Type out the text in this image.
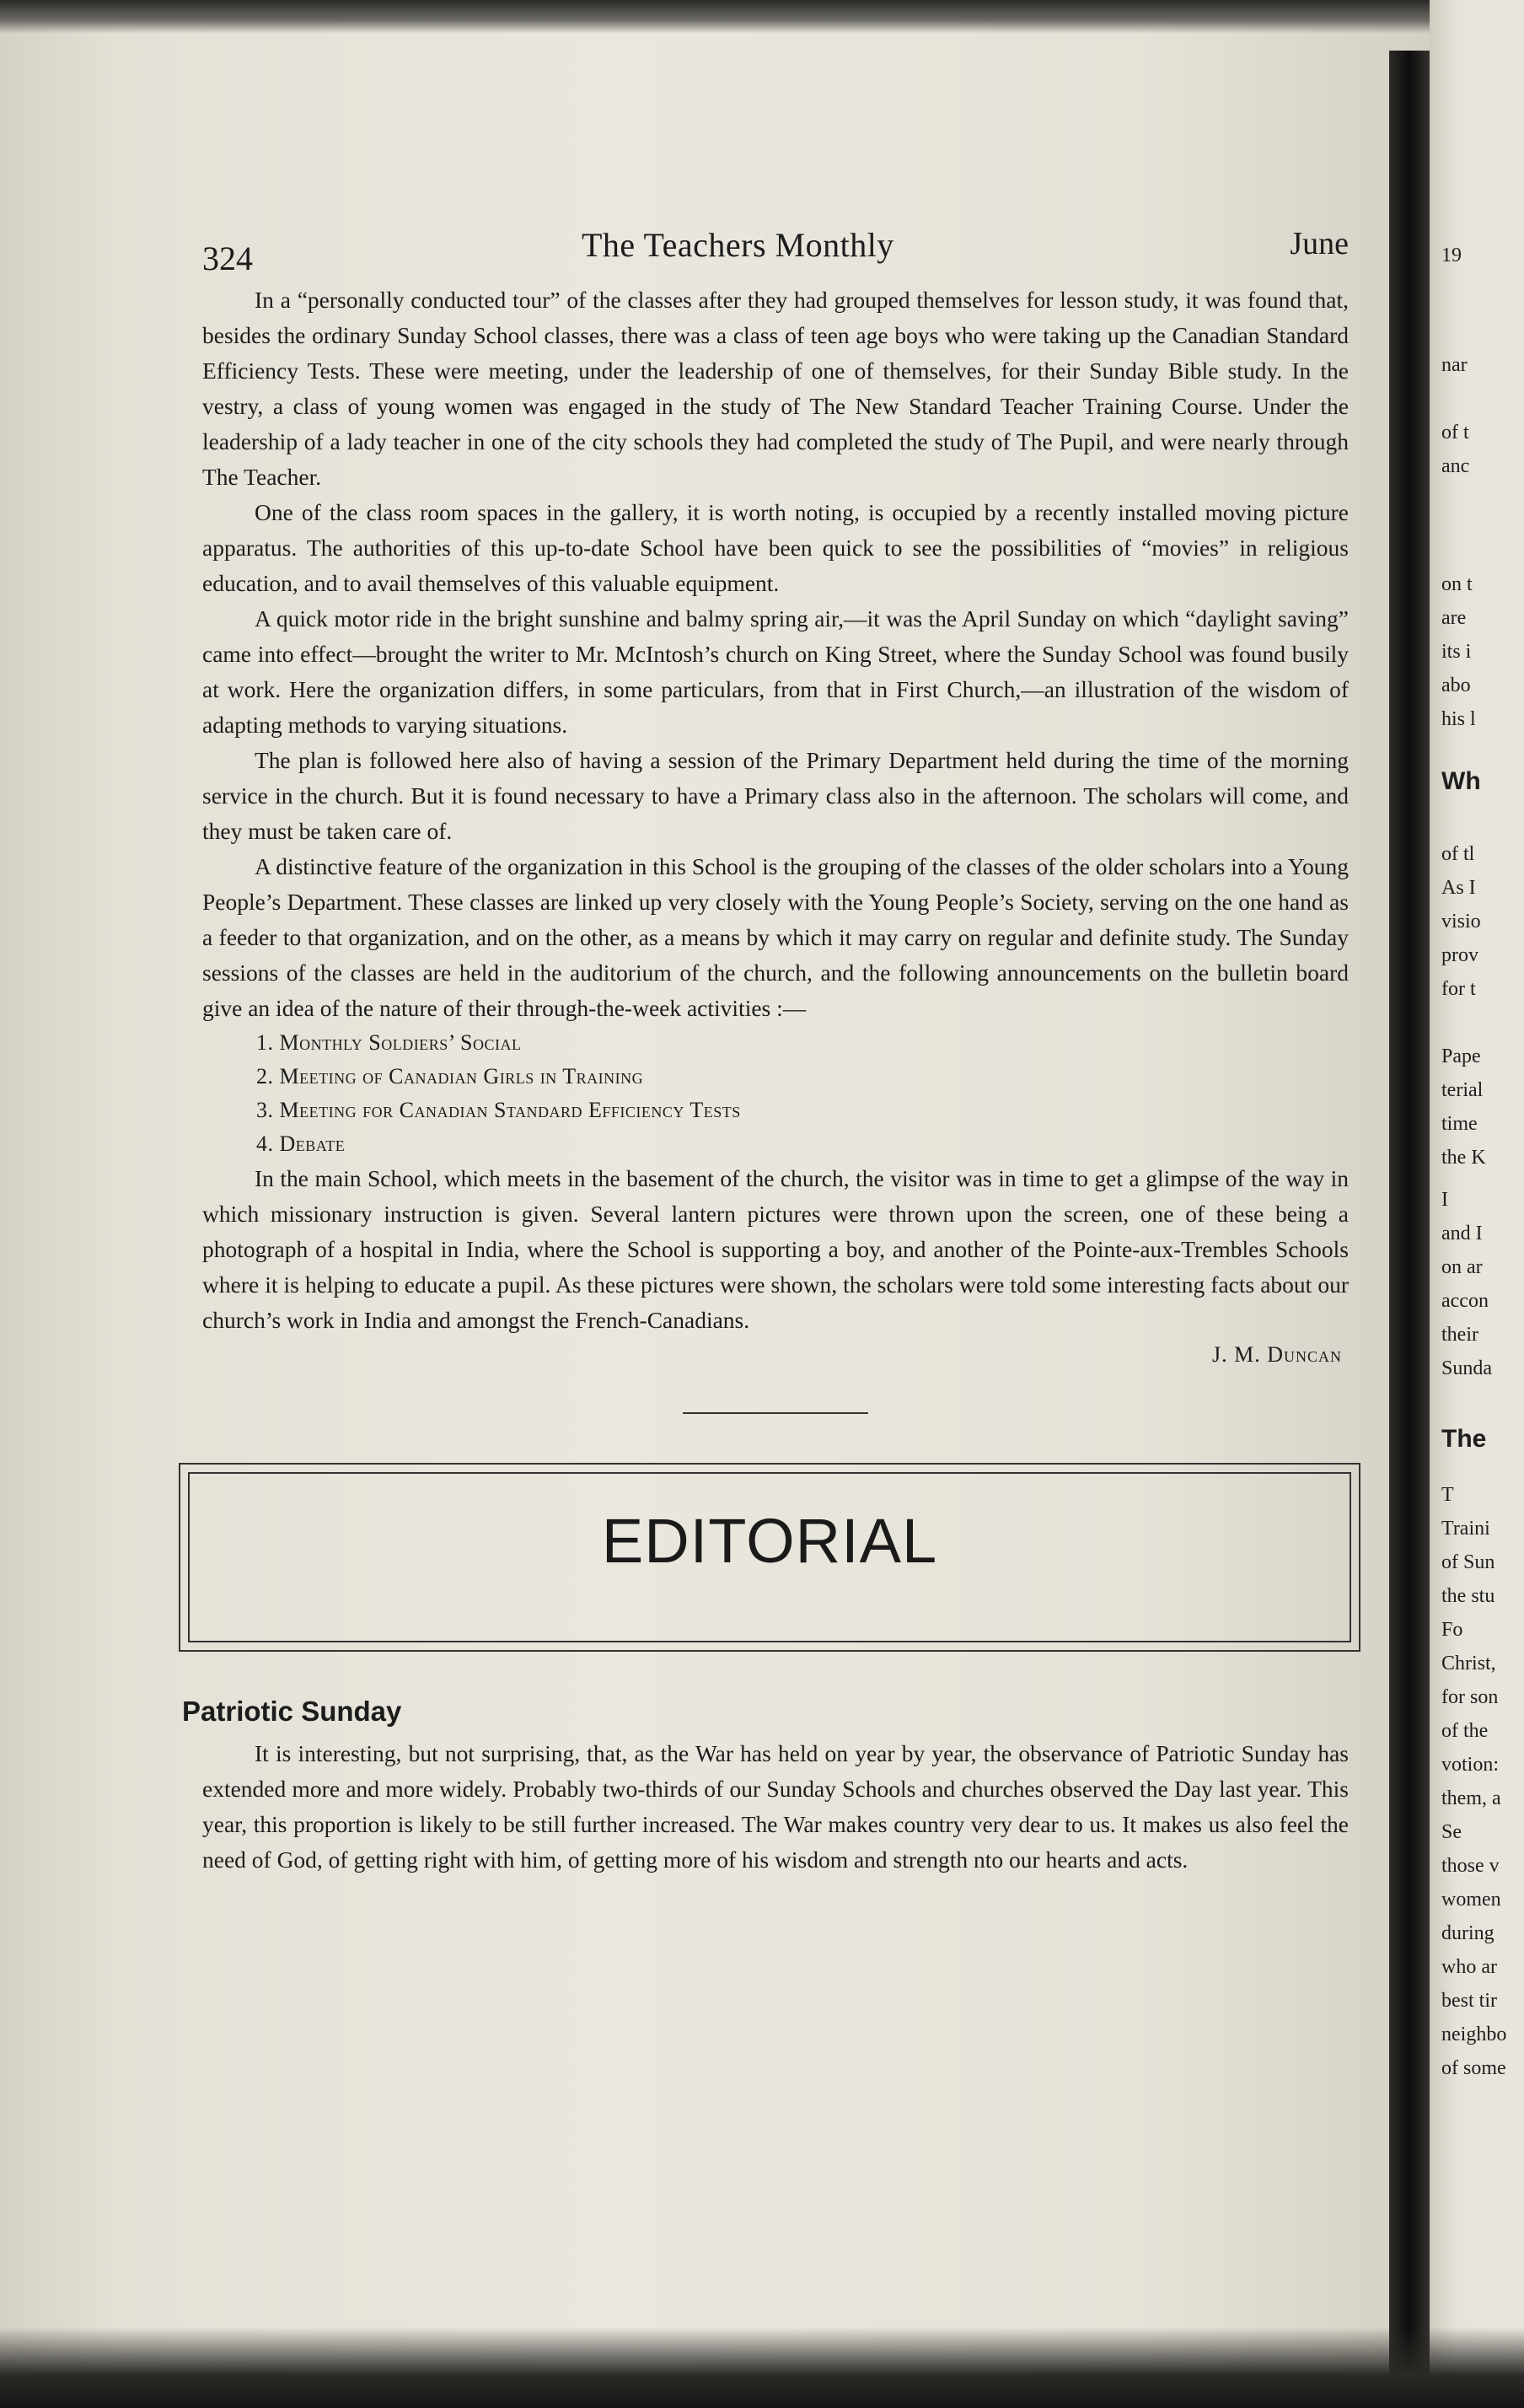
324	The Teachers Monthly	June

In a “personally conducted tour” of the classes after they had grouped themselves for lesson study, it was found that, besides the ordinary Sunday School classes, there was a class of teen age boys who were taking up the Canadian Standard Efficiency Tests. These were meeting, under the leadership of one of themselves, for their Sunday Bible study. In the vestry, a class of young women was engaged in the study of The New Standard Teacher Training Course. Under the leadership of a lady teacher in one of the city schools they had completed the study of The Pupil, and were nearly through The Teacher.

One of the class room spaces in the gallery, it is worth noting, is occupied by a recently installed moving picture apparatus. The authorities of this up-to-date School have been quick to see the possibilities of “movies” in religious education, and to avail themselves of this valuable equipment.

A quick motor ride in the bright sunshine and balmy spring air,—it was the April Sunday on which “daylight saving” came into effect—brought the writer to Mr. McIntosh’s church on King Street, where the Sunday School was found busily at work. Here the organization differs, in some particulars, from that in First Church,—an illustration of the wisdom of adapting methods to varying situations.

The plan is followed here also of having a session of the Primary Department held during the time of the morning service in the church. But it is found necessary to have a Primary class also in the afternoon. The scholars will come, and they must be taken care of.

A distinctive feature of the organization in this School is the grouping of the classes of the older scholars into a Young People’s Department. These classes are linked up very closely with the Young People’s Society, serving on the one hand as a feeder to that organization, and on the other, as a means by which it may carry on regular and definite study. The Sunday sessions of the classes are held in the auditorium of the church, and the following announcements on the bulletin board give an idea of the nature of their through-the-week activities :—

1. Monthly Soldiers’ Social
2. Meeting of Canadian Girls in Training
3. Meeting for Canadian Standard Efficiency Tests
4. Debate

In the main School, which meets in the basement of the church, the visitor was in time to get a glimpse of the way in which missionary instruction is given. Several lantern pictures were thrown upon the screen, one of these being a photograph of a hospital in India, where the School is supporting a boy, and another of the Pointe-aux-Trembles Schools where it is helping to educate a pupil. As these pictures were shown, the scholars were told some interesting facts about our church’s work in India and amongst the French-Canadians.

J. M. Duncan
EDITORIAL
Patriotic Sunday

It is interesting, but not surprising, that, as the War has held on year by year, the observance of Patriotic Sunday has extended more and more widely. Probably two-thirds of our Sunday Schools and churches observed the Day last year. This year, this proportion is likely to be still further increased. The War makes country very dear to us. It makes us also feel the need of God, of getting right with him, of getting more of his wisdom and strength nto our hearts and acts.

19
nar
of t
anc
on t
are
its i
abo
his l
Wh
of tl
As I
visio
prov
for t
Pape
terial
time
the K
I
and I
on ar
accon
their
Sunda
The
T
Traini
of Sun
the stu
Fo
Christ,
for son
of the
votion:
them, a
Se
those v
women
during
who ar
best tir
neighbo
of some
